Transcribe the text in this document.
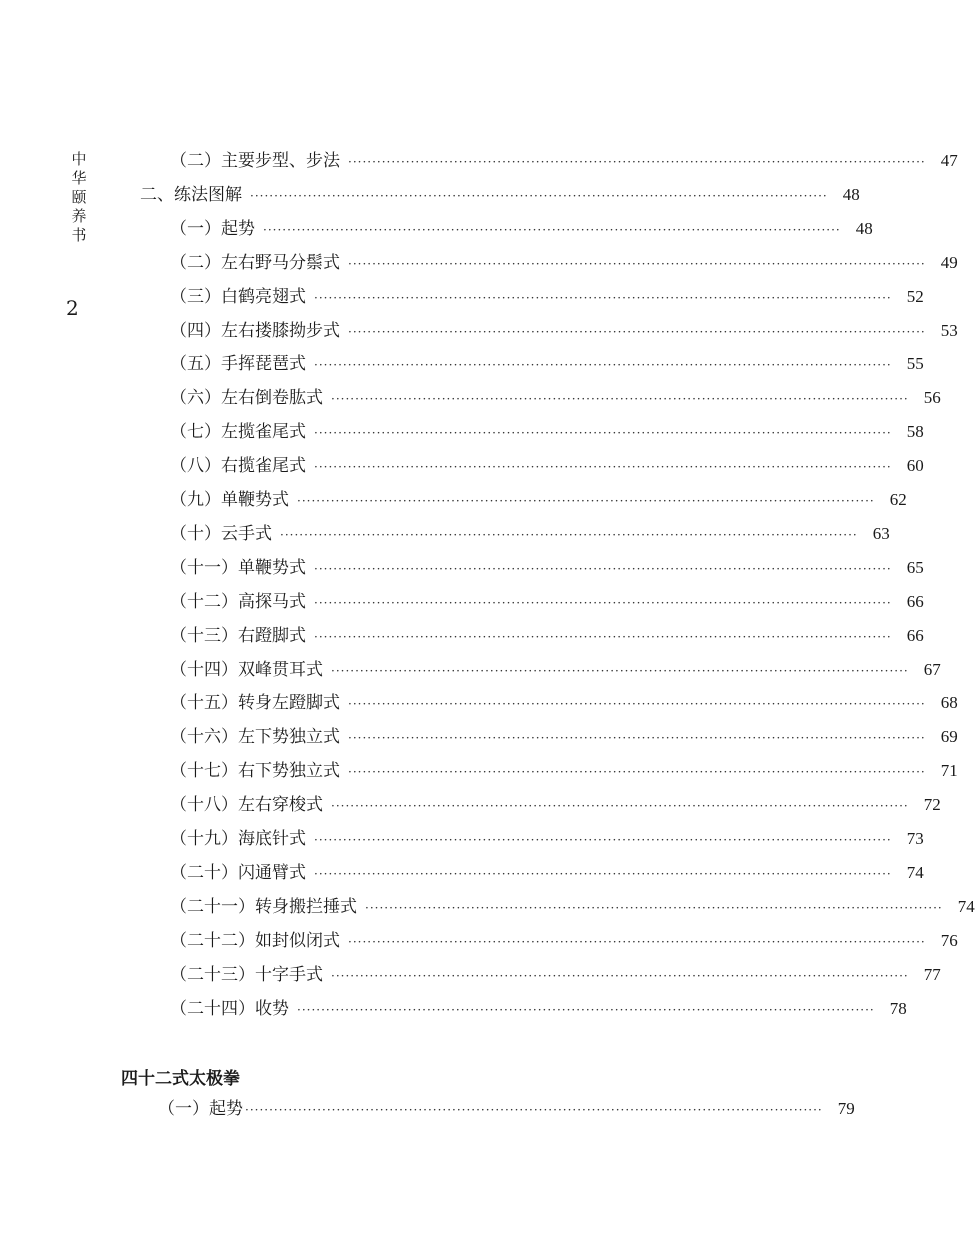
中
华
颐
养
书
2
（二）主要步型、步法 ························································································································ 47
二、练法图解 ························································································································ 48
（一）起势 ························································································································ 48
（二）左右野马分鬃式 ························································································································ 49
（三）白鹤亮翅式 ························································································································ 52
（四）左右搂膝拗步式 ························································································································ 53
（五）手挥琵琶式 ························································································································ 55
（六）左右倒卷肱式 ························································································································ 56
（七）左揽雀尾式 ························································································································ 58
（八）右揽雀尾式 ························································································································ 60
（九）单鞭势式 ························································································································ 62
（十）云手式 ························································································································ 63
（十一）单鞭势式 ························································································································ 65
（十二）高探马式 ························································································································ 66
（十三）右蹬脚式 ························································································································ 66
（十四）双峰贯耳式 ························································································································ 67
（十五）转身左蹬脚式 ························································································································ 68
（十六）左下势独立式 ························································································································ 69
（十七）右下势独立式 ························································································································ 71
（十八）左右穿梭式 ························································································································ 72
（十九）海底针式 ························································································································ 73
（二十）闪通臂式 ························································································································ 74
（二十一）转身搬拦捶式 ························································································································ 74
（二十二）如封似闭式 ························································································································ 76
（二十三）十字手式 ························································································································ 77
（二十四）收势 ························································································································ 78
四十二式太极拳
（一）起势 ························································································································ 79
